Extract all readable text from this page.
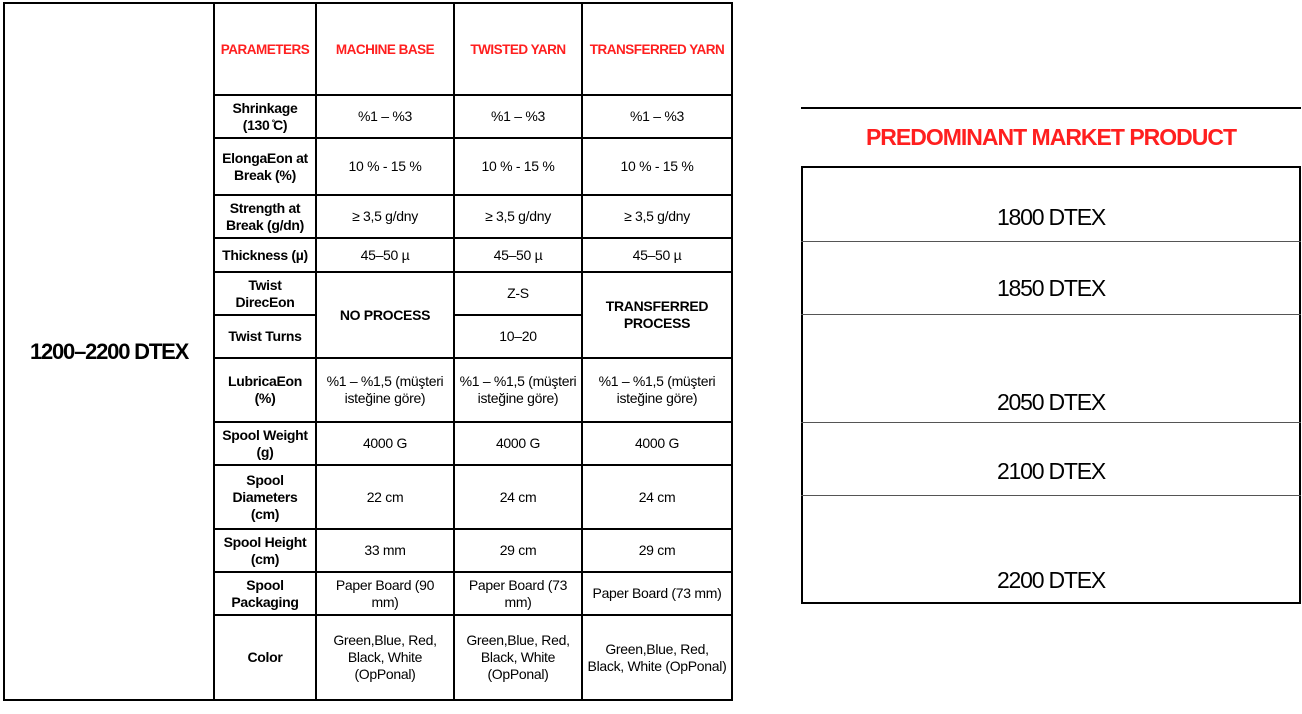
1200–2200 DTEX	PARAMETERS	MACHINE BASE	TWISTED YARN	TRANSFERRED YARN
	Shrinkage (130 ̊C)	%1 – %3	%1 – %3	%1 – %3
	ElongaEon at Break (%)	10 % - 15 %	10 % - 15 %	10 % - 15 %
	Strength at Break (g/dn)	≥ 3,5 g/dny	≥ 3,5 g/dny	≥ 3,5 g/dny
	Thickness (µ)	45–50 µ	45–50 µ	45–50 µ
	Twist DirecEon	NO PROCESS	Z-S	TRANSFERRED PROCESS
	Twist Turns		10–20	
	LubricaEon (%)	%1 – %1,5 (müşteri isteğine göre)	%1 – %1,5 (müşteri isteğine göre)	%1 – %1,5 (müşteri isteğine göre)
	Spool Weight (g)	4000 G	4000 G	4000 G
	Spool Diameters (cm)	22 cm	24 cm	24 cm
	Spool Height (cm)	33 mm	29 cm	29 cm
	Spool Packaging	Paper Board (90 mm)	Paper Board (73 mm)	Paper Board (73 mm)
	Color	Green,Blue, Red, Black, White (OpPonal)	Green,Blue, Red, Black, White (OpPonal)	Green,Blue, Red, Black, White (OpPonal)
PREDOMINANT MARKET PRODUCT
1800 DTEX
1850 DTEX
2050 DTEX
2100 DTEX
2200 DTEX
